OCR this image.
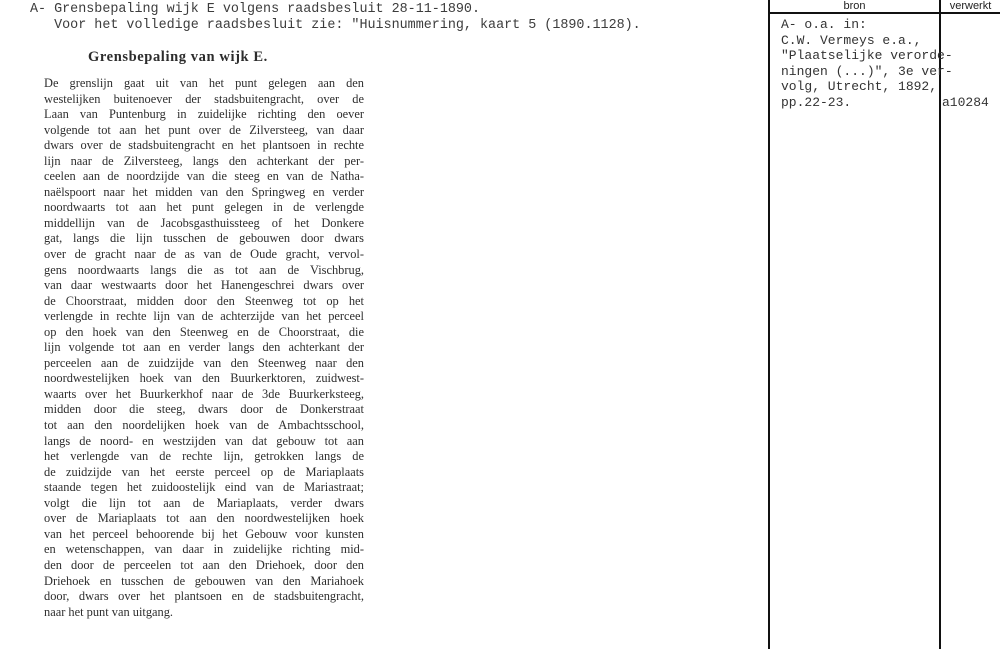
A- Grensbepaling wijk E volgens raadsbesluit 28-11-1890.
Voor het volledige raadsbesluit zie: "Huisnummering, kaart 5 (1890.1128).
Grensbepaling van wijk E.
De grenslijn gaat uit van het punt gelegen aan den
westelijken buitenoever der stadsbuitengracht, over de
Laan van Puntenburg in zuidelijke richting den oever
volgende tot aan het punt over de Zilversteeg, van daar
dwars over de stadsbuitengracht en het plantsoen in rechte
lijn naar de Zilversteeg, langs den achterkant der per-
ceelen aan de noordzijde van die steeg en van de Natha-
naëlspoort naar het midden van den Springweg en verder
noordwaarts tot aan het punt gelegen in de verlengde
middellijn van de Jacobsgasthuissteeg of het Donkere
gat, langs die lijn tusschen de gebouwen door dwars
over de gracht naar de as van de Oude gracht, vervol-
gens noordwaarts langs die as tot aan de Vischbrug,
van daar westwaarts door het Hanengeschrei dwars over
de Choorstraat, midden door den Steenweg tot op het
verlengde in rechte lijn van de achterzijde van het perceel
op den hoek van den Steenweg en de Choorstraat, die
lijn volgende tot aan en verder langs den achterkant der
perceelen aan de zuidzijde van den Steenweg naar den
noordwestelijken hoek van den Buurkerktoren, zuidwest-
waarts over het Buurkerkhof naar de 3de Buurkerksteeg,
midden door die steeg, dwars door de Donkerstraat
tot aan den noordelijken hoek van de Ambachtsschool,
langs de noord- en westzijden van dat gebouw tot aan
het verlengde van de rechte lijn, getrokken langs de
de zuidzijde van het eerste perceel op de Mariaplaats
staande tegen het zuidoostelijk eind van de Mariastraat;
volgt die lijn tot aan de Mariaplaats, verder dwars
over de Mariaplaats tot aan den noordwestelijken hoek
van het perceel behoorende bij het Gebouw voor kunsten
en wetenschappen, van daar in zuidelijke richting mid-
den door de perceelen tot aan den Driehoek, door den
Driehoek en tusschen de gebouwen van den Mariahoek
door, dwars over het plantsoen en de stadsbuitengracht,
naar het punt van uitgang.
bron	verwerkt
A- o.a. in:
C.W. Vermeys e.a.,
"Plaatselijke verorde-
ningen (...)", 3e ver-
volg, Utrecht, 1892,
pp.22-23.	a10284
